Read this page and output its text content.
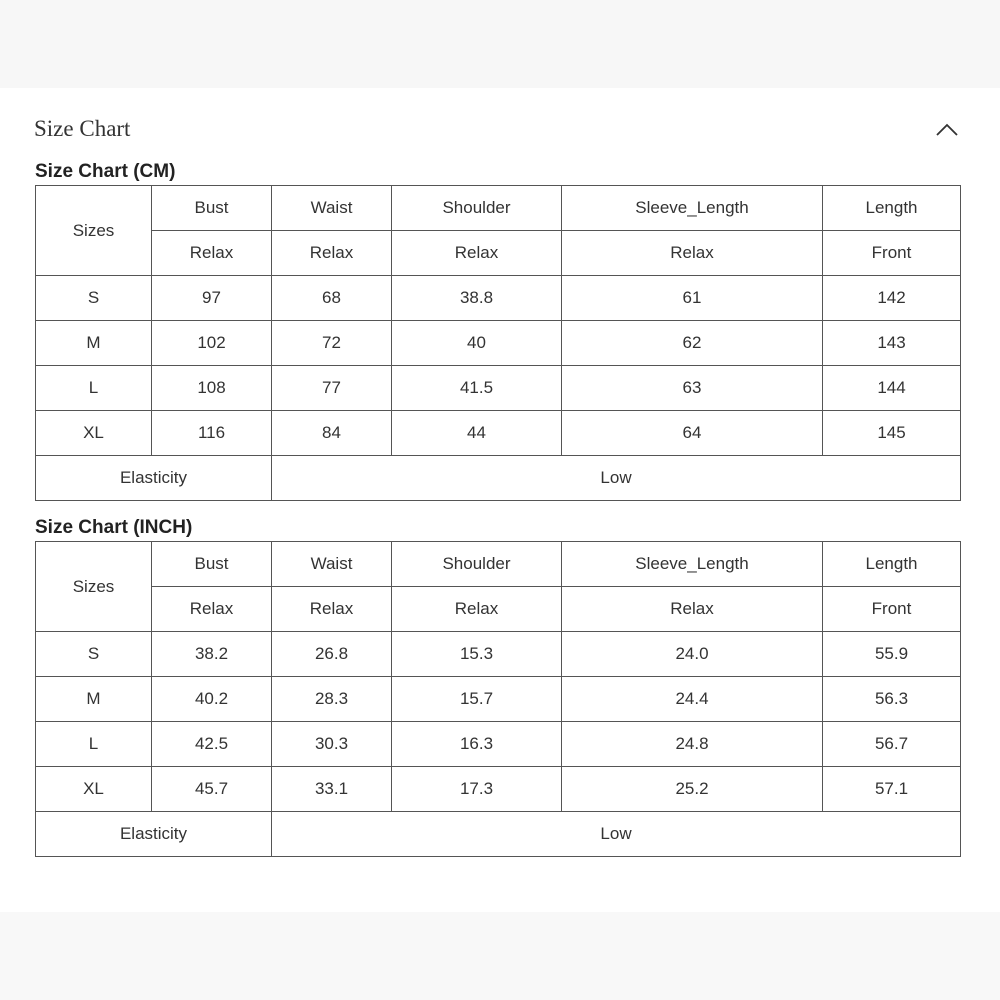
Size Chart
Size Chart (CM)
Sizes	Bust	Waist	Shoulder	Sleeve_Length	Length
	Relax	Relax	Relax	Relax	Front
S	97	68	38.8	61	142
M	102	72	40	62	143
L	108	77	41.5	63	144
XL	116	84	44	64	145
Elasticity		Low			
Size Chart (INCH)
Sizes	Bust	Waist	Shoulder	Sleeve_Length	Length
	Relax	Relax	Relax	Relax	Front
S	38.2	26.8	15.3	24.0	55.9
M	40.2	28.3	15.7	24.4	56.3
L	42.5	30.3	16.3	24.8	56.7
XL	45.7	33.1	17.3	25.2	57.1
Elasticity		Low			
